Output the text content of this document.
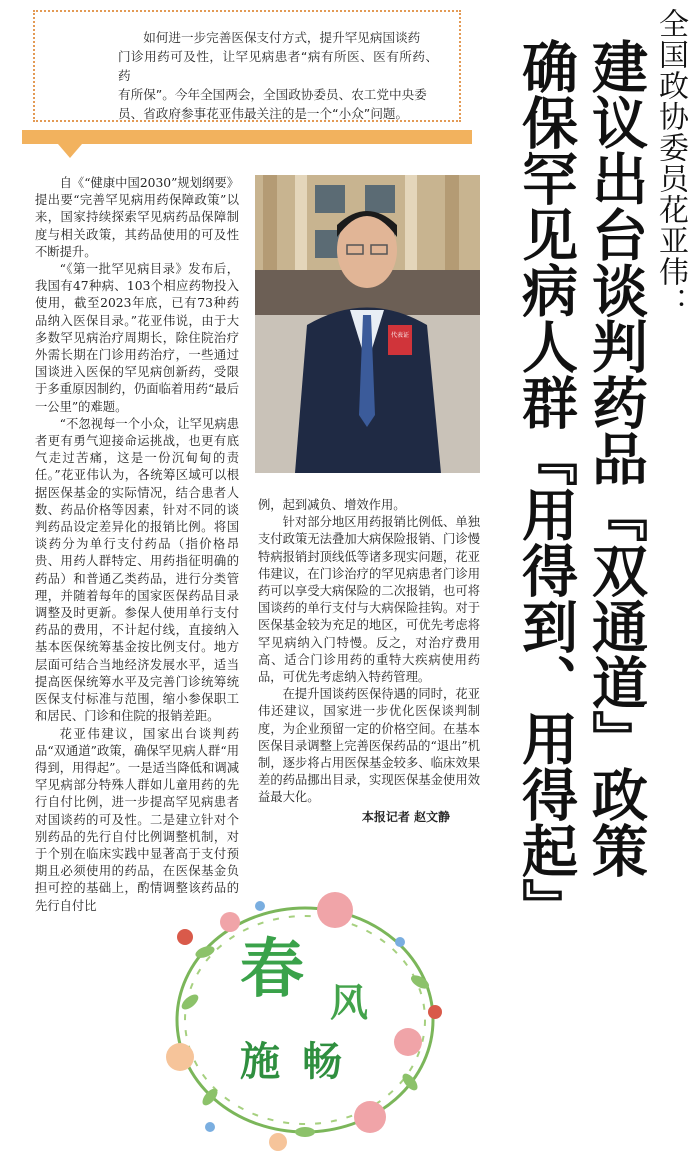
如何进一步完善医保支付方式，提升罕见病国谈药
门诊用药可及性，让罕见病患者“病有所医、医有所药、药
有所保”。今年全国两会，全国政协委员、农工党中央委
员、省政府参事花亚伟最关注的是一个“小众”问题。	全国政协委员花亚伟：
建议出台谈判药品『双通道』政策
确保罕见病人群『用得到、用得起』

自《“健康中国2030”规划纲要》提出要“完善罕见病用药保障政策”以来，国家持续探索罕见病药品保障制度与相关政策，其药品使用的可及性不断提升。

“《第一批罕见病目录》发布后，我国有47种病、103个相应药物投入使用，截至2023年底，已有73种药品纳入医保目录。”花亚伟说，由于大多数罕见病治疗周期长，除住院治疗外需长期在门诊用药治疗，一些通过国谈进入医保的罕见病创新药，受限于多重原因制约，仍面临着用药“最后一公里”的难题。

“不忽视每一个小众，让罕见病患者更有勇气迎接命运挑战，也更有底气走过苦痛，这是一份沉甸甸的责任。”花亚伟认为，各统筹区域可以根据医保基金的实际情况，结合患者人数、药品价格等因素，针对不同的谈判药品设定差异化的报销比例。将国谈药分为单行支付药品（指价格昂贵、用药人群特定、用药指征明确的药品）和普通乙类药品，进行分类管理，并随着每年的国家医保药品目录调整及时更新。参保人使用单行支付药品的费用，不计起付线，直接纳入基本医保统筹基金按比例支付。地方层面可结合当地经济发展水平，适当提高医保统筹水平及完善门诊统筹统医保支付标准与范围，缩小参保职工和居民、门诊和住院的报销差距。

花亚伟建议，国家出台谈判药品“双通道”政策，确保罕见病人群“用得到，用得起”。一是适当降低和调减罕见病部分特殊人群如儿童用药的先行自付比例，进一步提高罕见病患者对国谈药的可及性。二是建立针对个别药品的先行自付比例调整机制，对于个别在临床实践中显著高于支付预期且必须使用的药品，在医保基金负担可控的基础上，酌情调整该药品的先行自付比

代表证

例，起到减负、增效作用。

针对部分地区用药报销比例低、单独支付政策无法叠加大病保险报销、门诊慢特病报销封顶线低等诸多现实问题，花亚伟建议，在门诊治疗的罕见病患者门诊用药可以享受大病保险的二次报销，也可将国谈药的单行支付与大病保险挂钩。对于医保基金较为充足的地区，可优先考虑将罕见病纳入门特慢。反之，对治疗费用高、适合门诊用药的重特大疾病使用药品，可优先考虑纳入特药管理。

在提升国谈药医保待遇的同时，花亚伟还建议，国家进一步优化医保谈判制度，为企业预留一定的价格空间。在基本医保目录调整上完善医保药品的“退出”机制，逐步将占用医保基金较多、临床效果差的药品挪出目录，实现医保基金使用效益最大化。

本报记者 赵文静
春 风
施畅
